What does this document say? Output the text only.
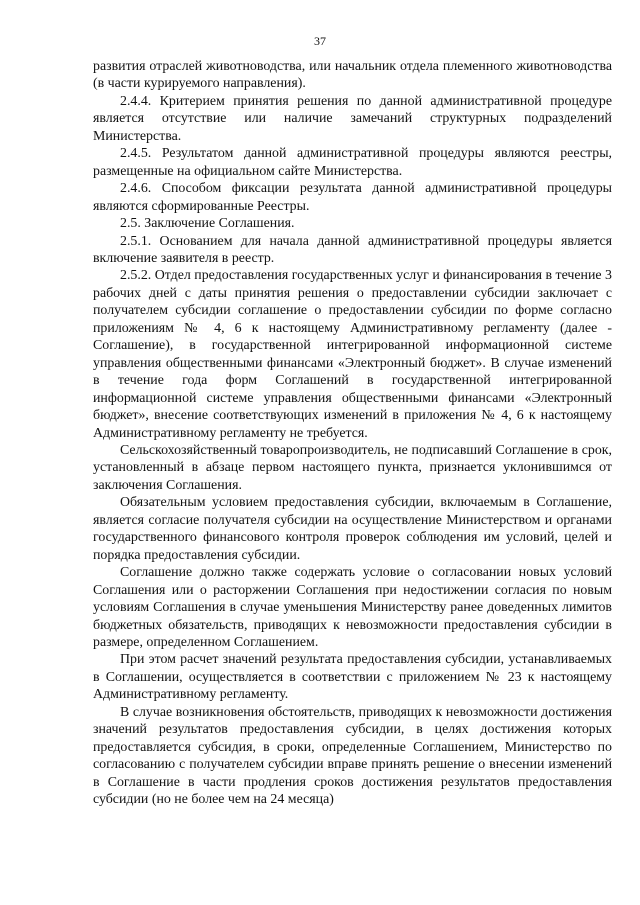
37

развития отраслей животноводства, или начальник отдела племенного животноводства (в части курируемого направления).

2.4.4. Критерием принятия решения по данной административной процедуре является отсутствие или наличие замечаний структурных подразделений Министерства.

2.4.5. Результатом данной административной процедуры являются реестры, размещенные на официальном сайте Министерства.

2.4.6. Способом фиксации результата данной административной процедуры являются сформированные Реестры.

2.5. Заключение Соглашения.

2.5.1. Основанием для начала данной административной процедуры является включение заявителя в реестр.

2.5.2. Отдел предоставления государственных услуг и финансирования в течение 3 рабочих дней с даты принятия решения о предоставлении субсидии заключает с получателем субсидии соглашение о предоставлении субсидии по форме согласно приложениям № 4, 6 к настоящему Административному регламенту (далее - Соглашение), в государственной интегрированной информационной системе управления общественными финансами «Электронный бюджет». В случае изменений в течение года форм Соглашений в государственной интегрированной информационной системе управления общественными финансами «Электронный бюджет», внесение соответствующих изменений в приложения № 4, 6 к настоящему Административному регламенту не требуется.

Сельскохозяйственный товаропроизводитель, не подписавший Соглашение в срок, установленный в абзаце первом настоящего пункта, признается уклонившимся от заключения Соглашения.

Обязательным условием предоставления субсидии, включаемым в Соглашение, является согласие получателя субсидии на осуществление Министерством и органами государственного финансового контроля проверок соблюдения им условий, целей и порядка предоставления субсидии.

Соглашение должно также содержать условие о согласовании новых условий Соглашения или о расторжении Соглашения при недостижении согласия по новым условиям Соглашения в случае уменьшения Министерству ранее доведенных лимитов бюджетных обязательств, приводящих к невозможности предоставления субсидии в размере, определенном Соглашением.

При этом расчет значений результата предоставления субсидии, устанавливаемых в Соглашении, осуществляется в соответствии с приложением № 23 к настоящему Административному регламенту.

В случае возникновения обстоятельств, приводящих к невозможности достижения значений результатов предоставления субсидии, в целях достижения которых предоставляется субсидия, в сроки, определенные Соглашением, Министерство по согласованию с получателем субсидии вправе принять решение о внесении изменений в Соглашение в части продления сроков достижения результатов предоставления субсидии (но не более чем на 24 месяца)
